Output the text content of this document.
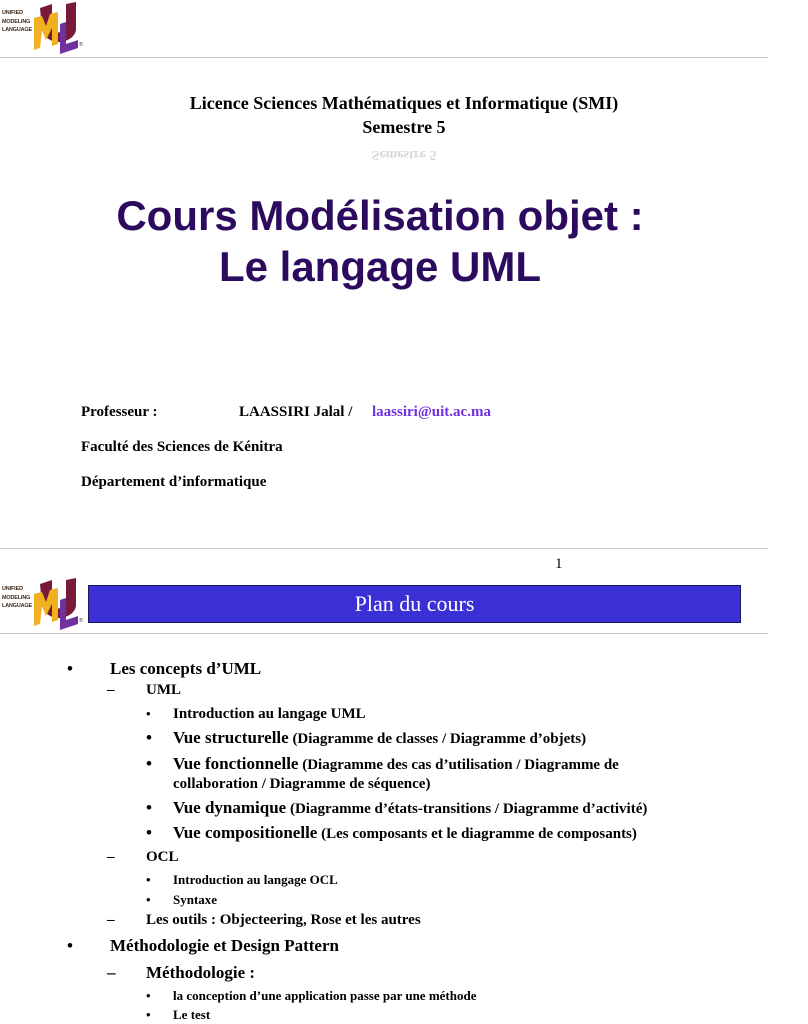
UNIFIED
MODELING
LANGUAGE
®
Licence Sciences Mathématiques et Informatique (SMI)
Semestre 5
Semestre 5
Cours Modélisation objet :
Le langage UML
Professeur :	LAASSIRI Jalal / laassiri@uit.ac.ma
Faculté des Sciences de Kénitra
Département d’informatique
1
UNIFIED
MODELING
LANGUAGE
®
Plan du cours
• Les concepts d’UML
– UML
• Introduction au langage UML
• Vue structurelle (Diagramme de classes / Diagramme d’objets)
• Vue fonctionnelle (Diagramme des cas d’utilisation / Diagramme de
collaboration / Diagramme de séquence)
• Vue dynamique (Diagramme d’états-transitions / Diagramme d’activité)
• Vue compositionelle (Les composants et le diagramme de composants)
– OCL
• Introduction au langage OCL
• Syntaxe
– Les outils : Objecteering, Rose et les autres
• Méthodologie et Design Pattern
– Méthodologie :
• la conception d’une application passe par une méthode
• Le test
